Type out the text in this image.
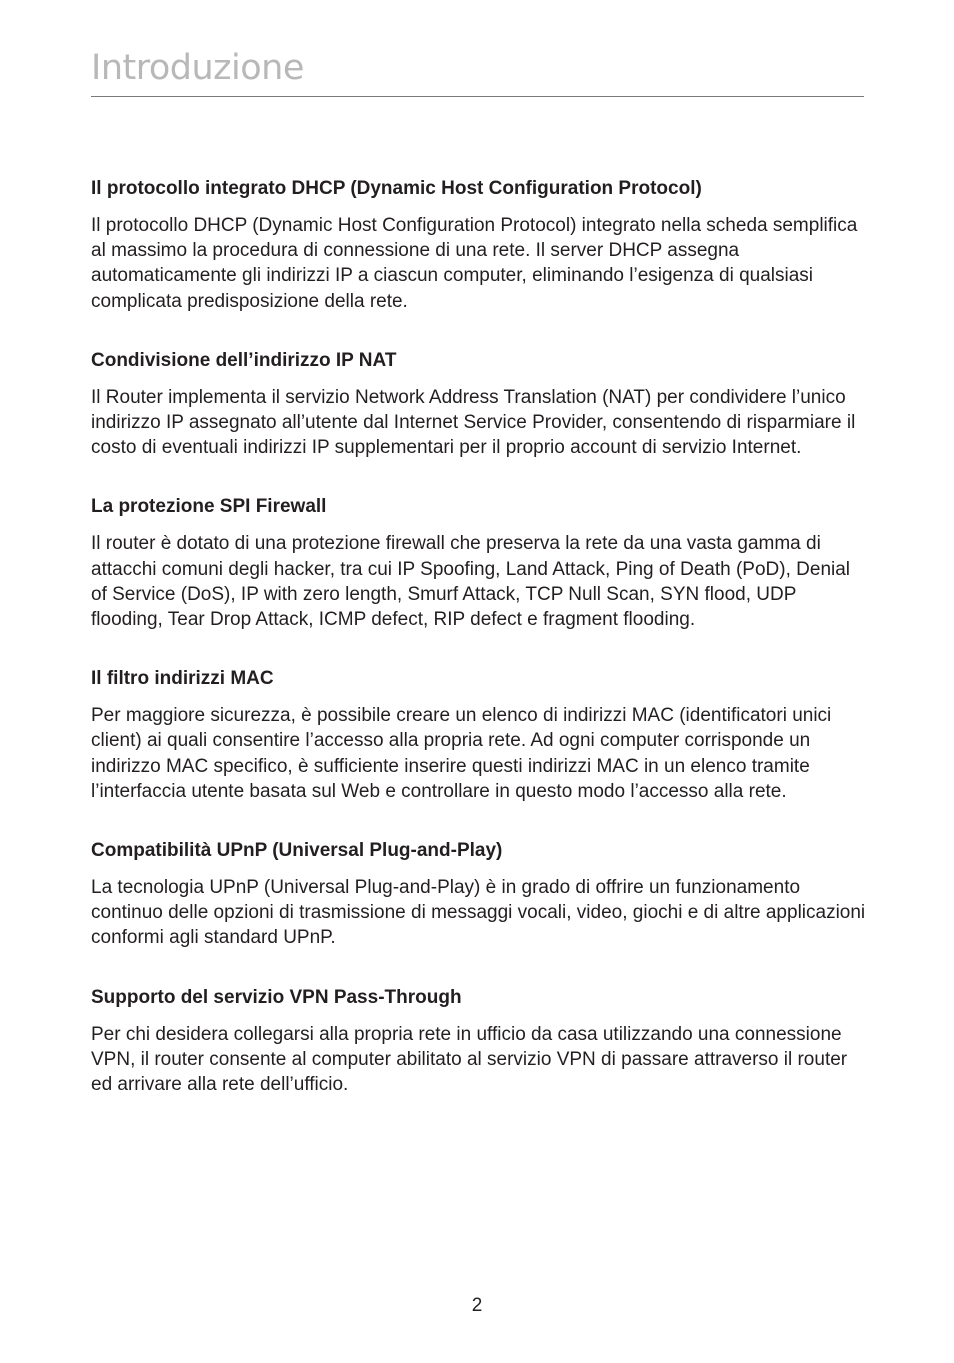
Introduzione
Il protocollo integrato DHCP (Dynamic Host Configuration Protocol)

Il protocollo DHCP (Dynamic Host Configuration Protocol) integrato nella scheda semplifica al massimo la procedura di connessione di una rete. Il server DHCP assegna automaticamente gli indirizzi IP a ciascun computer, eliminando l’esigenza di qualsiasi complicata predisposizione della rete.

Condivisione dell’indirizzo IP NAT

Il Router implementa il servizio Network Address Translation (NAT) per condividere l’unico indirizzo IP assegnato all’utente dal Internet Service Provider, consentendo di risparmiare il costo di eventuali indirizzi IP supplementari per il proprio account di servizio Internet.

La protezione SPI Firewall

Il router è dotato di una protezione firewall che preserva la rete da una vasta gamma di attacchi comuni degli hacker, tra cui IP Spoofing, Land Attack, Ping of Death (PoD), Denial of Service (DoS), IP with zero length, Smurf Attack, TCP Null Scan, SYN flood, UDP flooding, Tear Drop Attack, ICMP defect, RIP defect e fragment flooding.

Il filtro indirizzi MAC

Per maggiore sicurezza, è possibile creare un elenco di indirizzi MAC (identificatori unici client) ai quali consentire l’accesso alla propria rete. Ad ogni computer corrisponde un indirizzo MAC specifico, è sufficiente inserire questi indirizzi MAC in un elenco tramite l’interfaccia utente basata sul Web e controllare in questo modo l’accesso alla rete.

Compatibilità UPnP (Universal Plug-and-Play)

La tecnologia UPnP (Universal Plug-and-Play) è in grado di offrire un funzionamento continuo delle opzioni di trasmissione di messaggi vocali, video, giochi e di altre applicazioni conformi agli standard UPnP.

Supporto del servizio VPN Pass-Through

Per chi desidera collegarsi alla propria rete in ufficio da casa utilizzando una connessione VPN, il router consente al computer abilitato al servizio VPN di passare attraverso il router ed arrivare alla rete dell’ufficio.

2
